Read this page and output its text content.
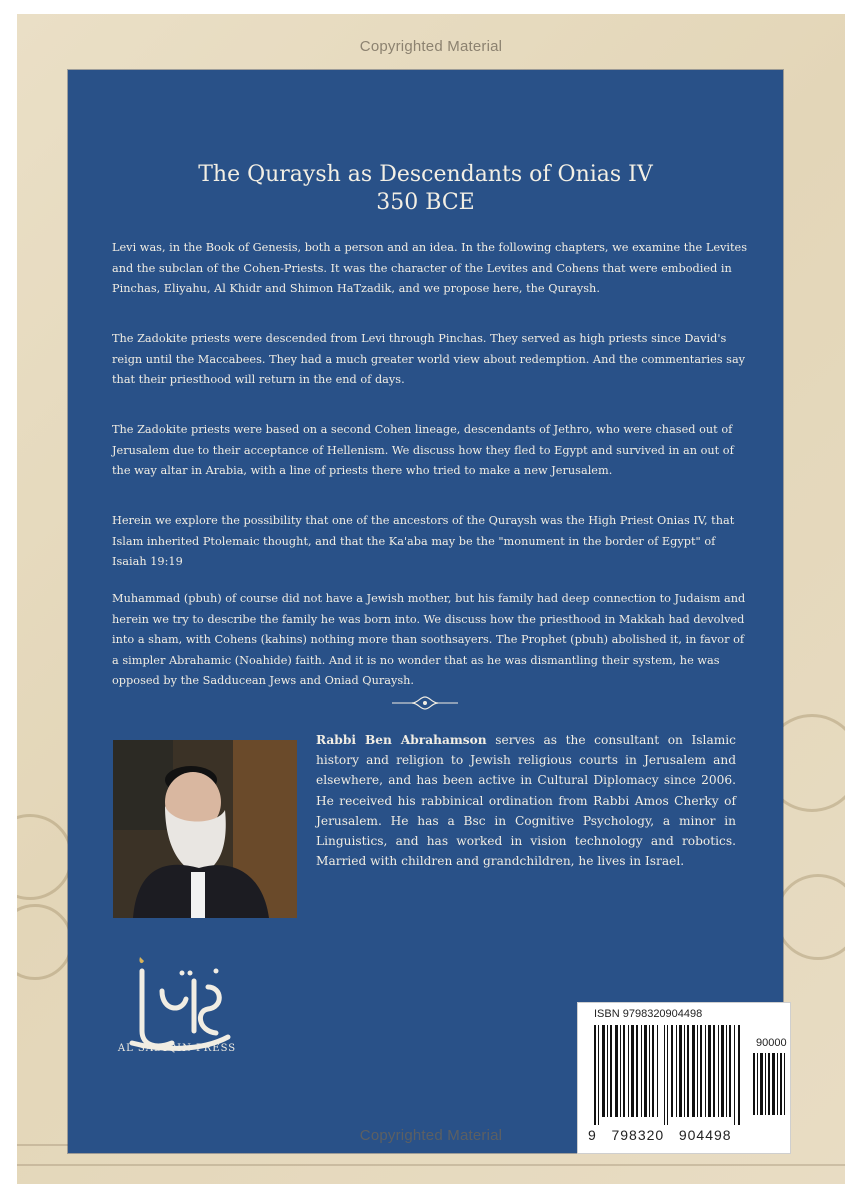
Copyrighted Material
The Quraysh as Descendants of Onias IV
350 BCE

Levi was, in the Book of Genesis, both a person and an idea. In the following chapters, we examine the Levites and the subclan of the Cohen-Priests. It was the character of the Levites and Cohens that were embodied in Pinchas, Eliyahu, Al Khidr and Shimon HaTzadik, and we propose here, the Quraysh.

The Zadokite priests were descended from Levi through Pinchas. They served as high priests since David's reign until the Maccabees. They had a much greater world view about redemption. And the commentaries say that their priesthood will return in the end of days.

The Zadokite priests were based on a second Cohen lineage, descendants of Jethro, who were chased out of Jerusalem due to their acceptance of Hellenism. We discuss how they fled to Egypt and survived in an out of the way altar in Arabia, with a line of priests there who tried to make a new Jerusalem.

Herein we explore the possibility that one of the ancestors of the Quraysh was the High Priest Onias IV, that Islam inherited Ptolemaic thought, and that the Ka'aba may be the "monument in the border of Egypt" of Isaiah 19:19

Muhammad (pbuh) of course did not have a Jewish mother, but his family had deep connection to Judaism and herein we try to describe the family he was born into. We discuss how the priesthood in Makkah had devolved into a sham, with Cohens (kahins) nothing more than soothsayers. The Prophet (pbuh) abolished it, in favor of a simpler Abrahamic (Noahide) faith. And it is no wonder that as he was dismantling their system, he was opposed by the Sadducean Jews and Oniad Quraysh.

Rabbi Ben Abrahamson serves as the consultant on Islamic history and religion to Jewish religious courts in Jerusalem and elsewhere, and has been active in Cultural Diplomacy since 2006. He received his rabbinical ordination from Rabbi Amos Cherky of Jerusalem. He has a Bsc in Cognitive Psychology, a minor in Linguistics, and has worked in vision technology and robotics. Married with children and grandchildren, he lives in Israel.

AL SADIQIN PRESS
ISBN 9798320904498
90000
9   798320   904498
Copyrighted Material
